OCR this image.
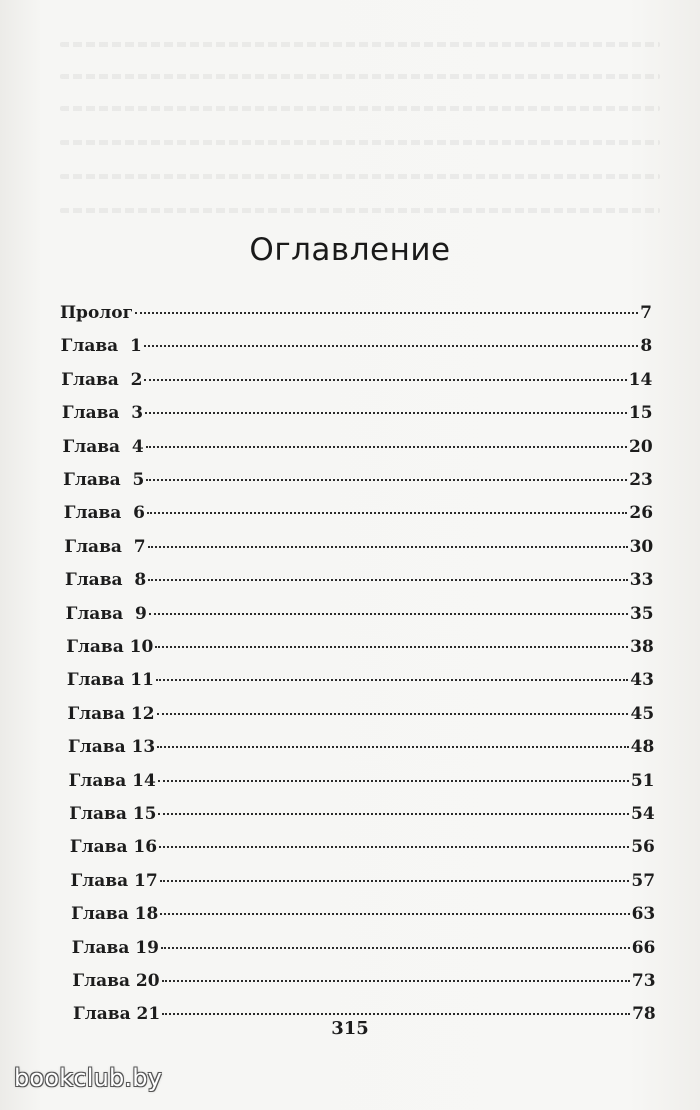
Оглавление
Пролог	7
Глава  1	8
Глава  2	14
Глава  3	15
Глава  4	20
Глава  5	23
Глава  6	26
Глава  7	30
Глава  8	33
Глава  9	35
Глава 10	38
Глава 11	43
Глава 12	45
Глава 13	48
Глава 14	51
Глава 15	54
Глава 16	56
Глава 17	57
Глава 18	63
Глава 19	66
Глава 20	73
Глава 21	78
315
bookclub.by
